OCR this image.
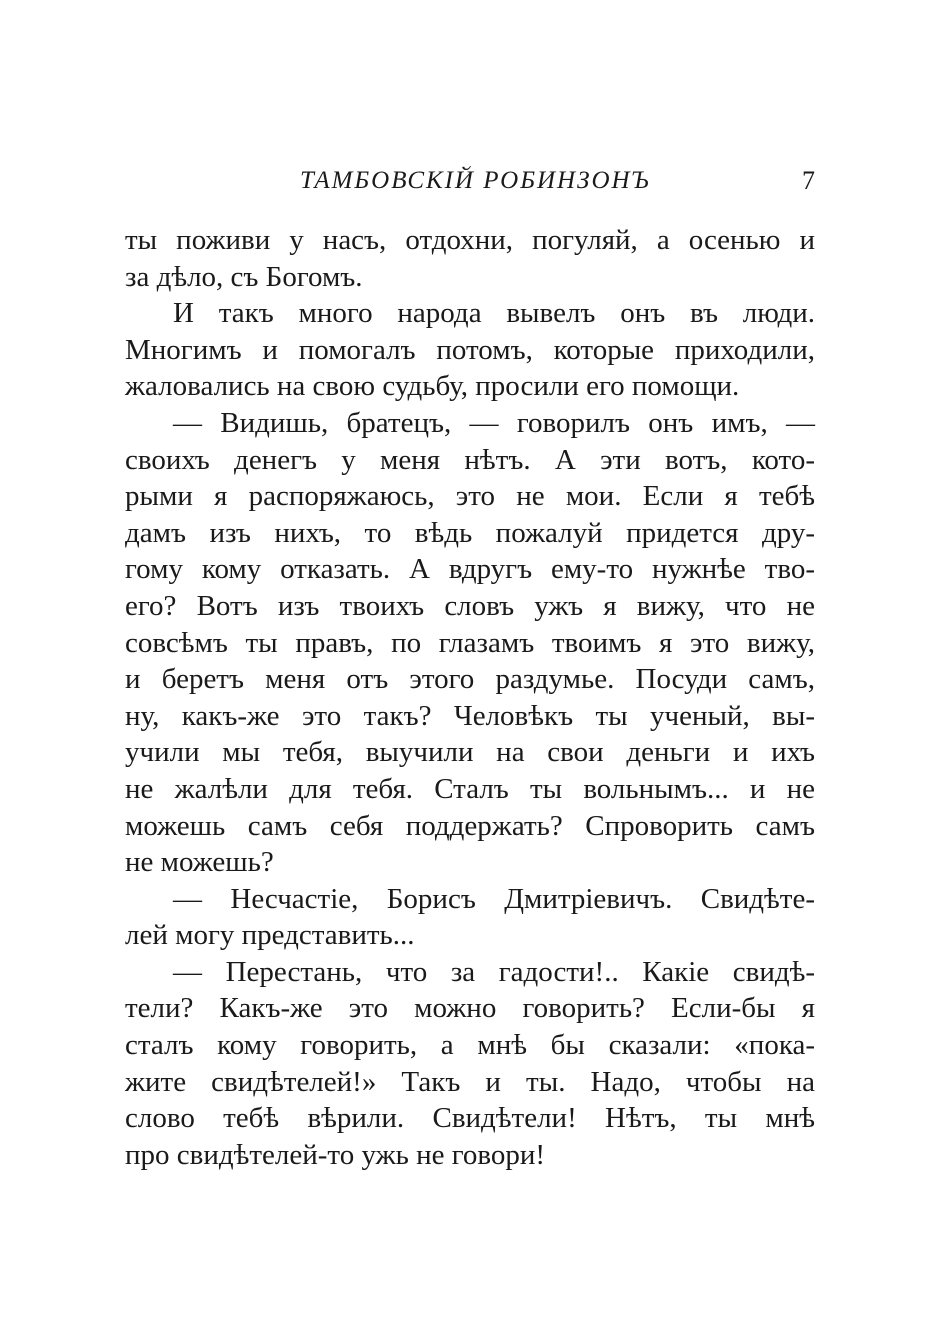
ТАМБОВСКІЙ РОБИНЗОНЪ	7
ты поживи у насъ, отдохни, погуляй, а осенью и
за дѣло, съ Богомъ.
И такъ много народа вывелъ онъ въ люди.
Многимъ и помогалъ потомъ, которые приходили,
жаловались на свою судьбу, просили его помощи.
— Видишь, братецъ, — говорилъ онъ имъ, —
своихъ денегъ у меня нѣтъ. А эти вотъ, кото-
рыми я распоряжаюсь, это не мои. Если я тебѣ
дамъ изъ нихъ, то вѣдь пожалуй придется дру-
гому кому отказать. А вдругъ ему-то нужнѣе тво-
его? Вотъ изъ твоихъ словъ ужъ я вижу, что не
совсѣмъ ты правъ, по глазамъ твоимъ я это вижу,
и беретъ меня отъ этого раздумье. Посуди самъ,
ну, какъ-же это такъ? Человѣкъ ты ученый, вы-
учили мы тебя, выучили на свои деньги и ихъ
не жалѣли для тебя. Сталъ ты вольнымъ... и не
можешь самъ себя поддержать? Спроворить самъ
не можешь?
— Несчастіе, Борисъ Дмитріевичъ. Свидѣте-
лей могу представить...
— Перестань, что за гадости!.. Какіе свидѣ-
тели? Какъ-же это можно говорить? Если-бы я
сталъ кому говорить, а мнѣ бы сказали: «пока-
жите свидѣтелей!» Такъ и ты. Надо, чтобы на
слово тебѣ вѣрили. Свидѣтели! Нѣтъ, ты мнѣ
про свидѣтелей-то ужь не говори!
